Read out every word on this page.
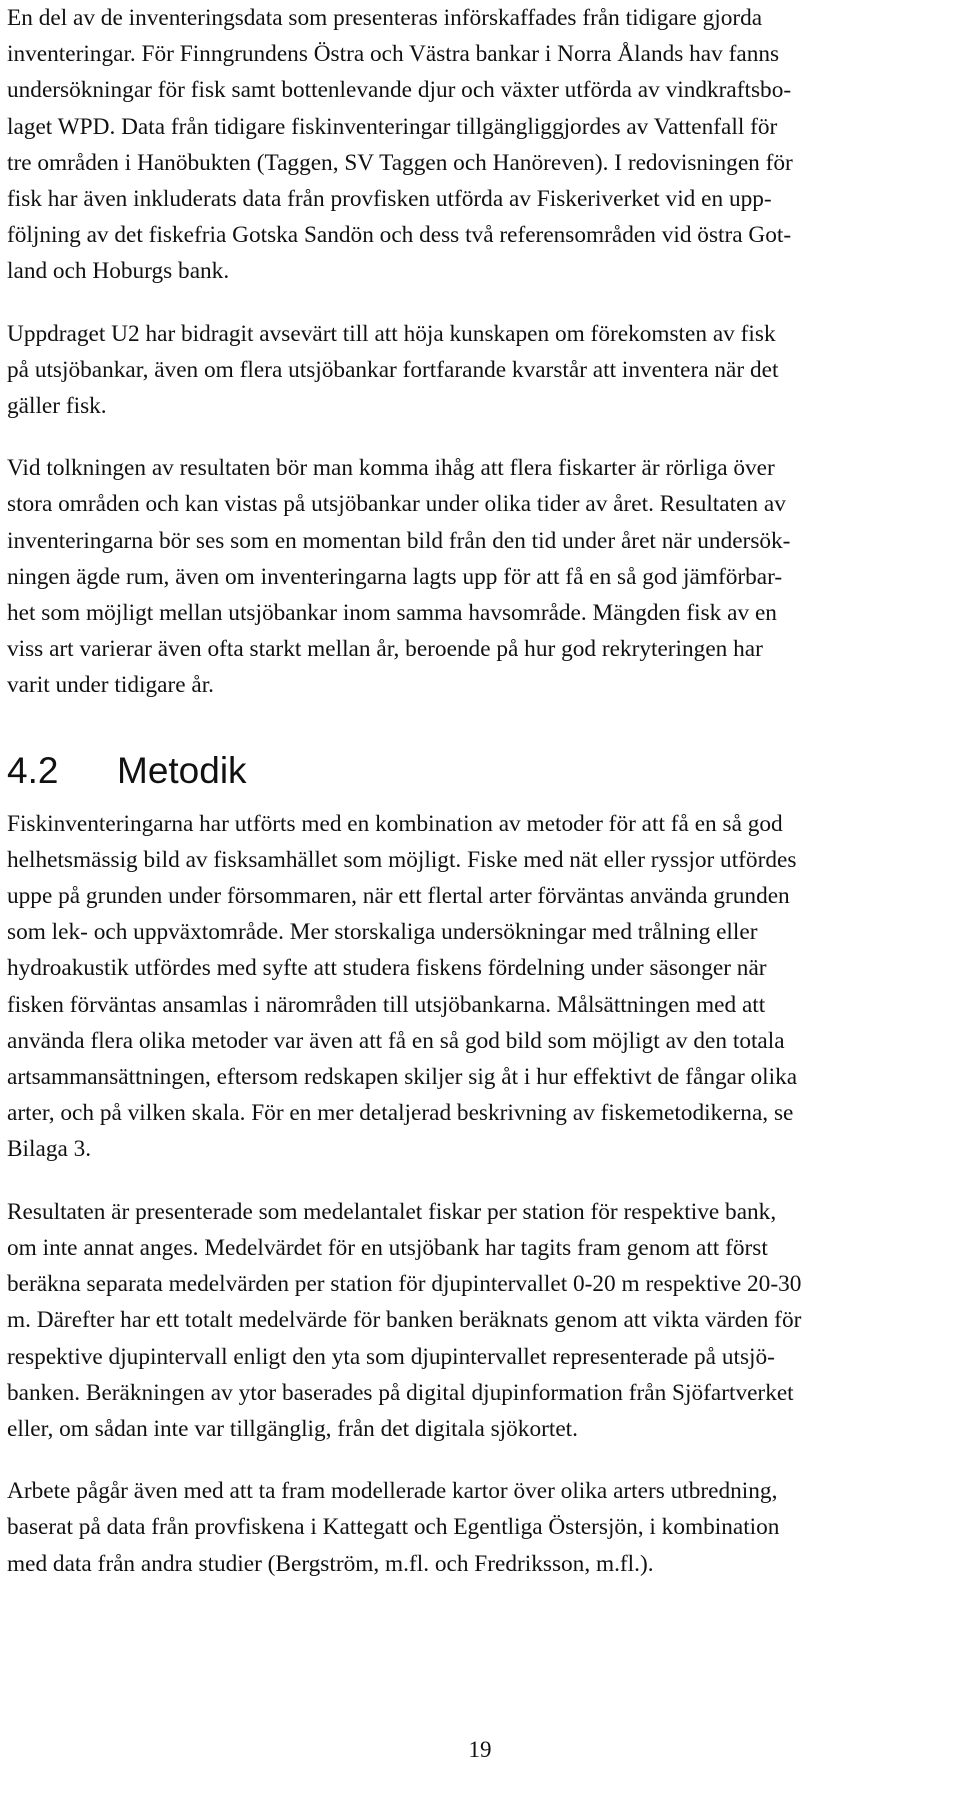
En del av de inventeringsdata som presenteras införskaffades från tidigare gjorda
inventeringar. För Finngrundens Östra och Västra bankar i Norra Ålands hav fanns
undersökningar för fisk samt bottenlevande djur och växter utförda av vindkraftsbo-
laget WPD. Data från tidigare fiskinventeringar tillgängliggjordes av Vattenfall för
tre områden i Hanöbukten (Taggen, SV Taggen och Hanöreven). I redovisningen för
fisk har även inkluderats data från provfisken utförda av Fiskeriverket vid en upp-
följning av det fiskefria Gotska Sandön och dess två referensområden vid östra Got-
land och Hoburgs bank.
Uppdraget U2 har bidragit avsevärt till att höja kunskapen om förekomsten av fisk
på utsjöbankar, även om flera utsjöbankar fortfarande kvarstår att inventera när det
gäller fisk.
Vid tolkningen av resultaten bör man komma ihåg att flera fiskarter är rörliga över
stora områden och kan vistas på utsjöbankar under olika tider av året. Resultaten av
inventeringarna bör ses som en momentan bild från den tid under året när undersök-
ningen ägde rum, även om inventeringarna lagts upp för att få en så god jämförbar-
het som möjligt mellan utsjöbankar inom samma havsområde. Mängden fisk av en
viss art varierar även ofta starkt mellan år, beroende på hur god rekryteringen har
varit under tidigare år.
4.2	Metodik
Fiskinventeringarna har utförts med en kombination av metoder för att få en så god
helhetsmässig bild av fisksamhället som möjligt. Fiske med nät eller ryssjor utfördes
uppe på grunden under försommaren, när ett flertal arter förväntas använda grunden
som lek- och uppväxtområde. Mer storskaliga undersökningar med trålning eller
hydroakustik utfördes med syfte att studera fiskens fördelning under säsonger när
fisken förväntas ansamlas i närområden till utsjöbankarna. Målsättningen med att
använda flera olika metoder var även att få en så god bild som möjligt av den totala
artsammansättningen, eftersom redskapen skiljer sig åt i hur effektivt de fångar olika
arter, och på vilken skala. För en mer detaljerad beskrivning av fiskemetodikerna, se
Bilaga 3.
Resultaten är presenterade som medelantalet fiskar per station för respektive bank,
om inte annat anges. Medelvärdet för en utsjöbank har tagits fram genom att först
beräkna separata medelvärden per station för djupintervallet 0-20 m respektive 20-30
m. Därefter har ett totalt medelvärde för banken beräknats genom att vikta värden för
respektive djupintervall enligt den yta som djupintervallet representerade på utsjö-
banken. Beräkningen av ytor baserades på digital djupinformation från Sjöfartverket
eller, om sådan inte var tillgänglig, från det digitala sjökortet.
Arbete pågår även med att ta fram modellerade kartor över olika arters utbredning,
baserat på data från provfiskena i Kattegatt och Egentliga Östersjön, i kombination
med data från andra studier (Bergström, m.fl. och Fredriksson, m.fl.).
19
